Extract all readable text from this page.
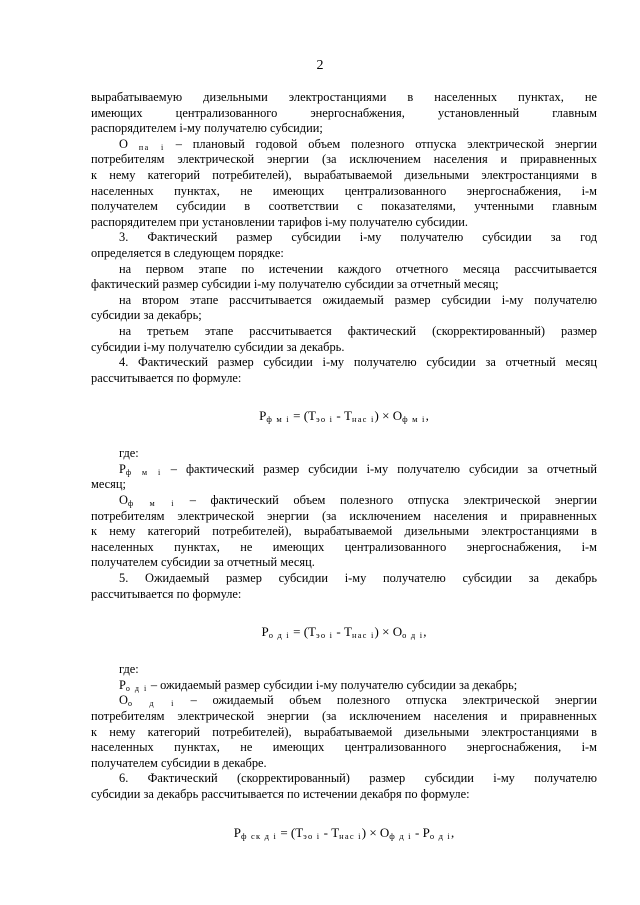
2
вырабатываемую дизельными электростанциями в населенных пунктах, не
имеющих централизованного энергоснабжения, установленный главным
распорядителем i-му получателю субсидии;
О $_{па i}$ – плановый годовой объем полезного отпуска электрической энергии
потребителям электрической энергии (за исключением населения и приравненных
к нему категорий потребителей), вырабатываемой дизельными электростанциями в
населенных пунктах, не имеющих централизованного энергоснабжения, i-м
получателем субсидии в соответствии с показателями, учтенными главным
распорядителем при установлении тарифов i-му получателю субсидии.
3. Фактический размер субсидии i-му получателю субсидии за год
определяется в следующем порядке:
на первом этапе по истечении каждого отчетного месяца рассчитывается
фактический размер субсидии i-му получателю субсидии за отчетный месяц;
на втором этапе рассчитывается ожидаемый размер субсидии i-му получателю
субсидии за декабрь;
на третьем этапе рассчитывается фактический (скорректированный) размер
субсидии i-му получателю субсидии за декабрь.
4. Фактический размер субсидии i-му получателю субсидии за отчетный месяц
рассчитывается по формуле:
$Р_{ф м i} = (Т_{эо i} - Т_{нас i}) \times О_{ф м i}$,
где:
$Р_{ф м i}$ – фактический размер субсидии i-му получателю субсидии за отчетный
месяц;
$О_{ф м i}$ – фактический объем полезного отпуска электрической энергии
потребителям электрической энергии (за исключением населения и приравненных
к нему категорий потребителей), вырабатываемой дизельными электростанциями в
населенных пунктах, не имеющих централизованного энергоснабжения, i-м
получателем субсидии за отчетный месяц.
5. Ожидаемый размер субсидии i-му получателю субсидии за декабрь
рассчитывается по формуле:
$Р_{о д i} = (Т_{эо i} - Т_{нас i}) \times О_{о д i}$,
где:
$Р_{о д i}$ – ожидаемый размер субсидии i-му получателю субсидии за декабрь;
$О_{о д i}$ – ожидаемый объем полезного отпуска электрической энергии
потребителям электрической энергии (за исключением населения и приравненных
к нему категорий потребителей), вырабатываемой дизельными электростанциями в
населенных пунктах, не имеющих централизованного энергоснабжения, i-м
получателем субсидии в декабре.
6. Фактический (скорректированный) размер субсидии i-му получателю
субсидии за декабрь рассчитывается по истечении декабря по формуле:
$Р_{ф ск д i} = (Т_{эо i} - Т_{нас i}) \times О_{ф д i} - Р_{о д i}$,
